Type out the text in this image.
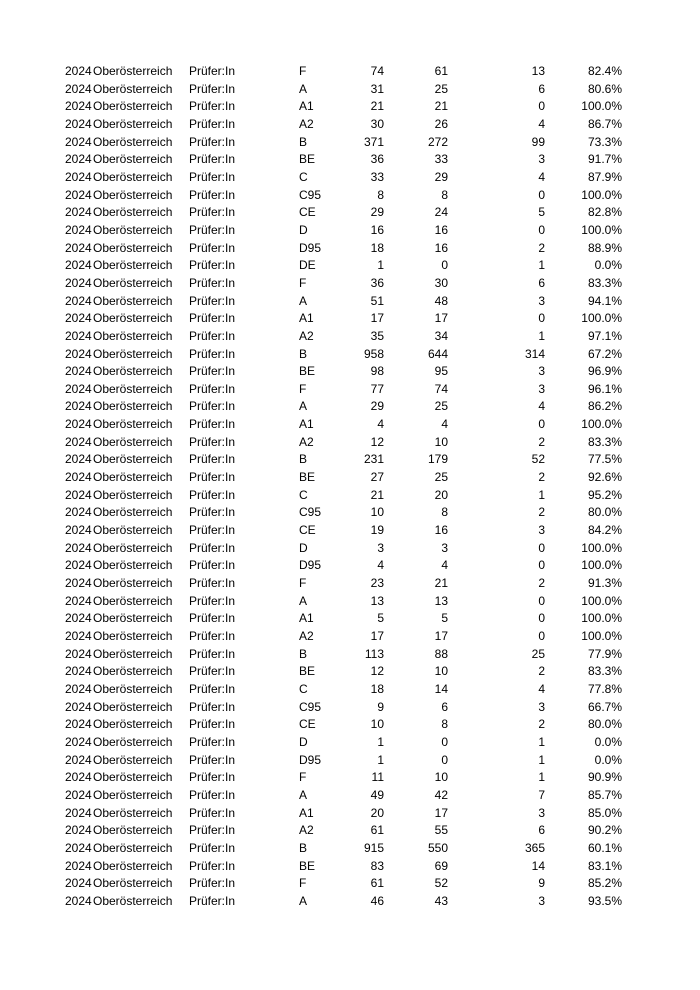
2024 Oberösterreich Prüfer:In	F	74	61	13	82.4%
2024 Oberösterreich Prüfer:In	A	31	25	6	80.6%
2024 Oberösterreich Prüfer:In	A1	21	21	0	100.0%
2024 Oberösterreich Prüfer:In	A2	30	26	4	86.7%
2024 Oberösterreich Prüfer:In	B	371	272	99	73.3%
2024 Oberösterreich Prüfer:In	BE	36	33	3	91.7%
2024 Oberösterreich Prüfer:In	C	33	29	4	87.9%
2024 Oberösterreich Prüfer:In	C95	8	8	0	100.0%
2024 Oberösterreich Prüfer:In	CE	29	24	5	82.8%
2024 Oberösterreich Prüfer:In	D	16	16	0	100.0%
2024 Oberösterreich Prüfer:In	D95	18	16	2	88.9%
2024 Oberösterreich Prüfer:In	DE	1	0	1	0.0%
2024 Oberösterreich Prüfer:In	F	36	30	6	83.3%
2024 Oberösterreich Prüfer:In	A	51	48	3	94.1%
2024 Oberösterreich Prüfer:In	A1	17	17	0	100.0%
2024 Oberösterreich Prüfer:In	A2	35	34	1	97.1%
2024 Oberösterreich Prüfer:In	B	958	644	314	67.2%
2024 Oberösterreich Prüfer:In	BE	98	95	3	96.9%
2024 Oberösterreich Prüfer:In	F	77	74	3	96.1%
2024 Oberösterreich Prüfer:In	A	29	25	4	86.2%
2024 Oberösterreich Prüfer:In	A1	4	4	0	100.0%
2024 Oberösterreich Prüfer:In	A2	12	10	2	83.3%
2024 Oberösterreich Prüfer:In	B	231	179	52	77.5%
2024 Oberösterreich Prüfer:In	BE	27	25	2	92.6%
2024 Oberösterreich Prüfer:In	C	21	20	1	95.2%
2024 Oberösterreich Prüfer:In	C95	10	8	2	80.0%
2024 Oberösterreich Prüfer:In	CE	19	16	3	84.2%
2024 Oberösterreich Prüfer:In	D	3	3	0	100.0%
2024 Oberösterreich Prüfer:In	D95	4	4	0	100.0%
2024 Oberösterreich Prüfer:In	F	23	21	2	91.3%
2024 Oberösterreich Prüfer:In	A	13	13	0	100.0%
2024 Oberösterreich Prüfer:In	A1	5	5	0	100.0%
2024 Oberösterreich Prüfer:In	A2	17	17	0	100.0%
2024 Oberösterreich Prüfer:In	B	113	88	25	77.9%
2024 Oberösterreich Prüfer:In	BE	12	10	2	83.3%
2024 Oberösterreich Prüfer:In	C	18	14	4	77.8%
2024 Oberösterreich Prüfer:In	C95	9	6	3	66.7%
2024 Oberösterreich Prüfer:In	CE	10	8	2	80.0%
2024 Oberösterreich Prüfer:In	D	1	0	1	0.0%
2024 Oberösterreich Prüfer:In	D95	1	0	1	0.0%
2024 Oberösterreich Prüfer:In	F	11	10	1	90.9%
2024 Oberösterreich Prüfer:In	A	49	42	7	85.7%
2024 Oberösterreich Prüfer:In	A1	20	17	3	85.0%
2024 Oberösterreich Prüfer:In	A2	61	55	6	90.2%
2024 Oberösterreich Prüfer:In	B	915	550	365	60.1%
2024 Oberösterreich Prüfer:In	BE	83	69	14	83.1%
2024 Oberösterreich Prüfer:In	F	61	52	9	85.2%
2024 Oberösterreich Prüfer:In	A	46	43	3	93.5%
